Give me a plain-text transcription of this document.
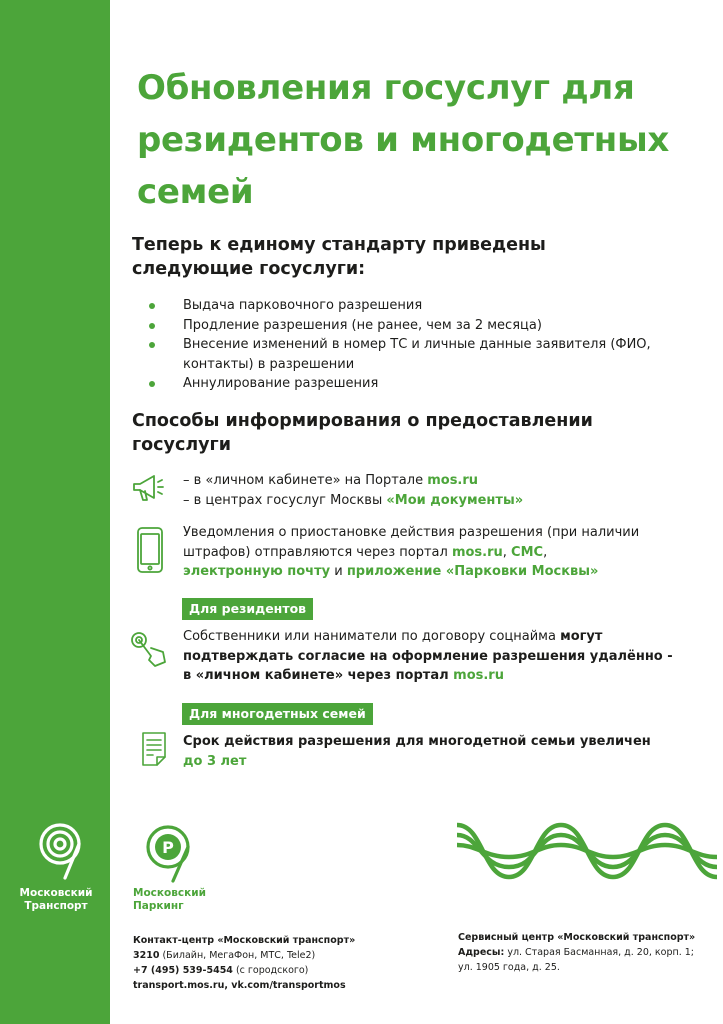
Обновления госуслуг для
резидентов и многодетных
семей
Теперь к единому стандарту приведены
следующие госуслуги:
Выдача парковочного разрешения
Продление разрешения (не ранее, чем за 2 месяца)
Внесение изменений в номер ТС и личные данные заявителя (ФИО, контакты) в разрешении
Аннулирование разрешения
Способы информирования о предоставлении
госуслуги
– в «личном кабинете» на Портале mos.ru
– в центрах госуслуг Москвы «Мои документы»
Уведомления о приостановке действия разрешения (при наличии штрафов) отправляются через портал mos.ru, СМС,
электронную почту и приложение «Парковки Москвы»
Для резидентов
Собственники или наниматели по договору соцнайма могут подтверждать согласие на оформление разрешения удалённо - в «личном кабинете» через портал mos.ru
Для многодетных семей
Срок действия разрешения для многодетной семьи увеличен
до 3 лет
Московский
Транспорт
P
Московский
Паркинг
Контакт-центр «Московский транспорт»
3210 (Билайн, МегаФон, МТС, Tele2)
+7 (495) 539-5454 (с городского)
transport.mos.ru, vk.com/transportmos
Сервисный центр «Московский транспорт»
Адресы: ул. Старая Басманная, д. 20, корп. 1;
ул. 1905 года, д. 25.
